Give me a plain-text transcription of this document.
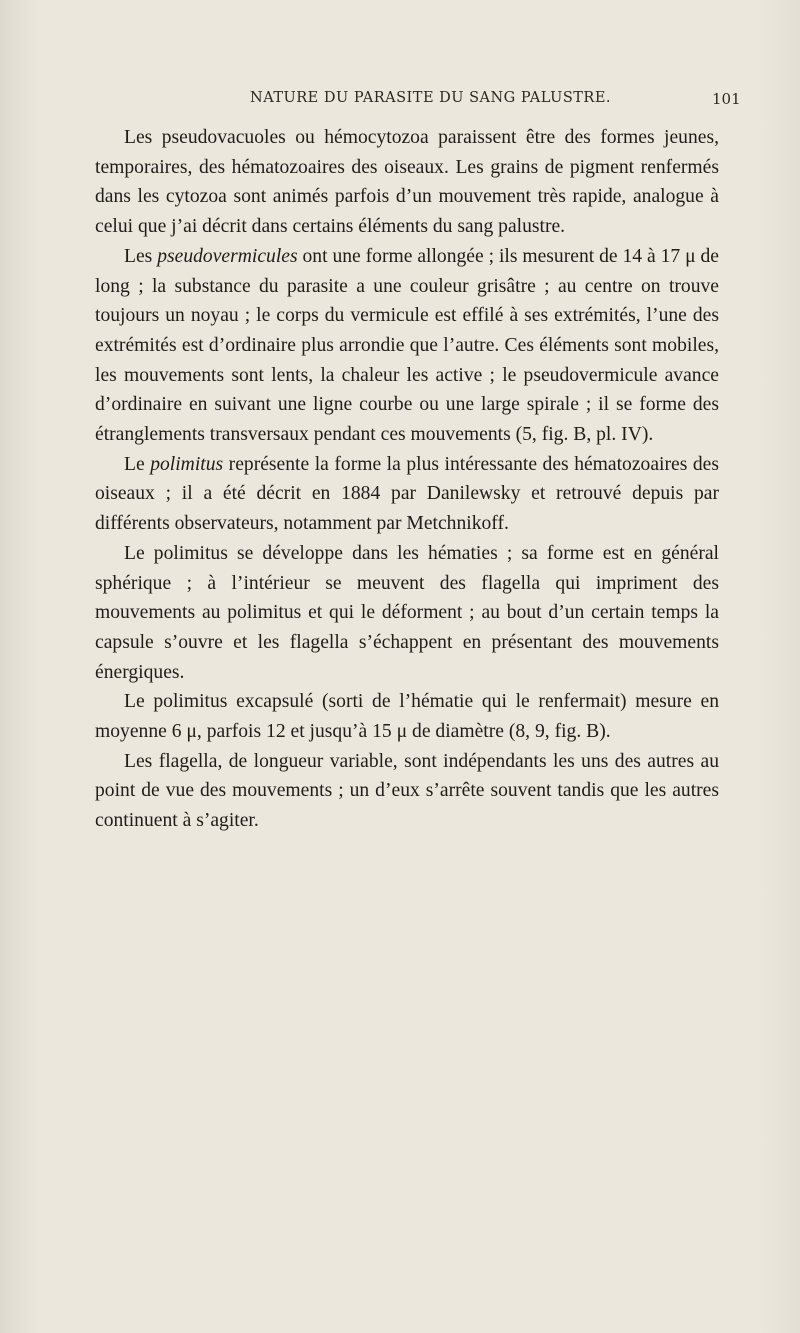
NATURE DU PARASITE DU SANG PALUSTRE.	101

Les pseudovacuoles ou hémocytozoa paraissent être des formes jeunes, temporaires, des hématozoaires des oiseaux. Les grains de pigment renfermés dans les cytozoa sont animés parfois d’un mouvement très rapide, analogue à celui que j’ai décrit dans certains éléments du sang palustre.

Les pseudovermicules ont une forme allongée ; ils mesurent de 14 à 17 μ de long ; la substance du parasite a une couleur grisâtre ; au centre on trouve toujours un noyau ; le corps du vermicule est effilé à ses extrémités, l’une des extrémités est d’ordinaire plus arrondie que l’autre. Ces éléments sont mobiles, les mouvements sont lents, la chaleur les active ; le pseudovermicule avance d’ordinaire en suivant une ligne courbe ou une large spirale ; il se forme des étranglements transversaux pendant ces mouvements (5, fig. B, pl. IV).

Le polimitus représente la forme la plus intéressante des hématozoaires des oiseaux ; il a été décrit en 1884 par Danilewsky et retrouvé depuis par différents observateurs, notamment par Metchnikoff.

Le polimitus se développe dans les hématies ; sa forme est en général sphérique ; à l’intérieur se meuvent des flagella qui impriment des mouvements au polimitus et qui le déforment ; au bout d’un certain temps la capsule s’ouvre et les flagella s’échappent en présentant des mouvements énergiques.

Le polimitus excapsulé (sorti de l’hématie qui le renfermait) mesure en moyenne 6 μ, parfois 12 et jusqu’à 15 μ de diamètre (8, 9, fig. B).

Les flagella, de longueur variable, sont indépendants les uns des autres au point de vue des mouvements ; un d’eux s’arrête souvent tandis que les autres continuent à s’agiter.
